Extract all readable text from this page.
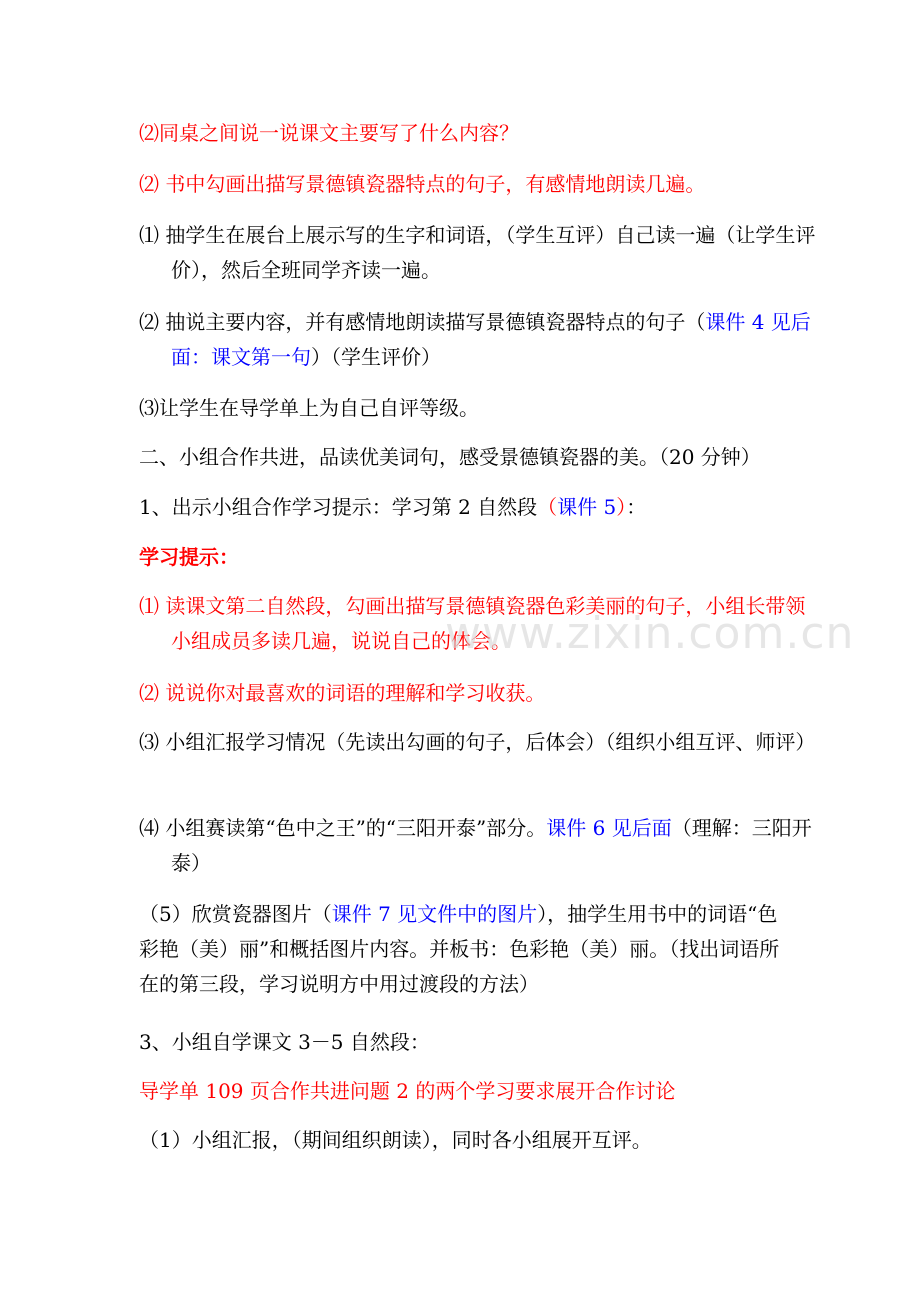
⑵同桌之间说一说课文主要写了什么内容？
⑵ 书中勾画出描写景德镇瓷器特点的句子，有感情地朗读几遍。
⑴ 抽学生在展台上展示写的生字和词语，（学生互评）自己读一遍（让学生评价），然后全班同学齐读一遍。
⑵ 抽说主要内容，并有感情地朗读描写景德镇瓷器特点的句子（课件 4 见后面：课文第一句）（学生评价）
⑶让学生在导学单上为自己自评等级。
二、小组合作共进，品读优美词句，感受景德镇瓷器的美。（20 分钟）
1、出示小组合作学习提示：学习第 2 自然段（课件 5）：
学习提示：
⑴ 读课文第二自然段，勾画出描写景德镇瓷器色彩美丽的句子，小组长带领小组成员多读几遍，说说自己的体会。
⑵ 说说你对最喜欢的词语的理解和学习收获。
⑶ 小组汇报学习情况（先读出勾画的句子，后体会）（组织小组互评、师评）
⑷ 小组赛读第“色中之王”的“三阳开泰”部分。课件 6 见后面（理解：三阳开泰）
（5）欣赏瓷器图片（课件 7 见文件中的图片），抽学生用书中的词语“色彩艳（美）丽”和概括图片内容。并板书：色彩艳（美）丽。（找出词语所在的第三段，学习说明方中用过渡段的方法）
3、小组自学课文 3－5 自然段：
导学单 109 页合作共进问题 2 的两个学习要求展开合作讨论
（1）小组汇报，（期间组织朗读），同时各小组展开互评。
www.zixin.com.cn
